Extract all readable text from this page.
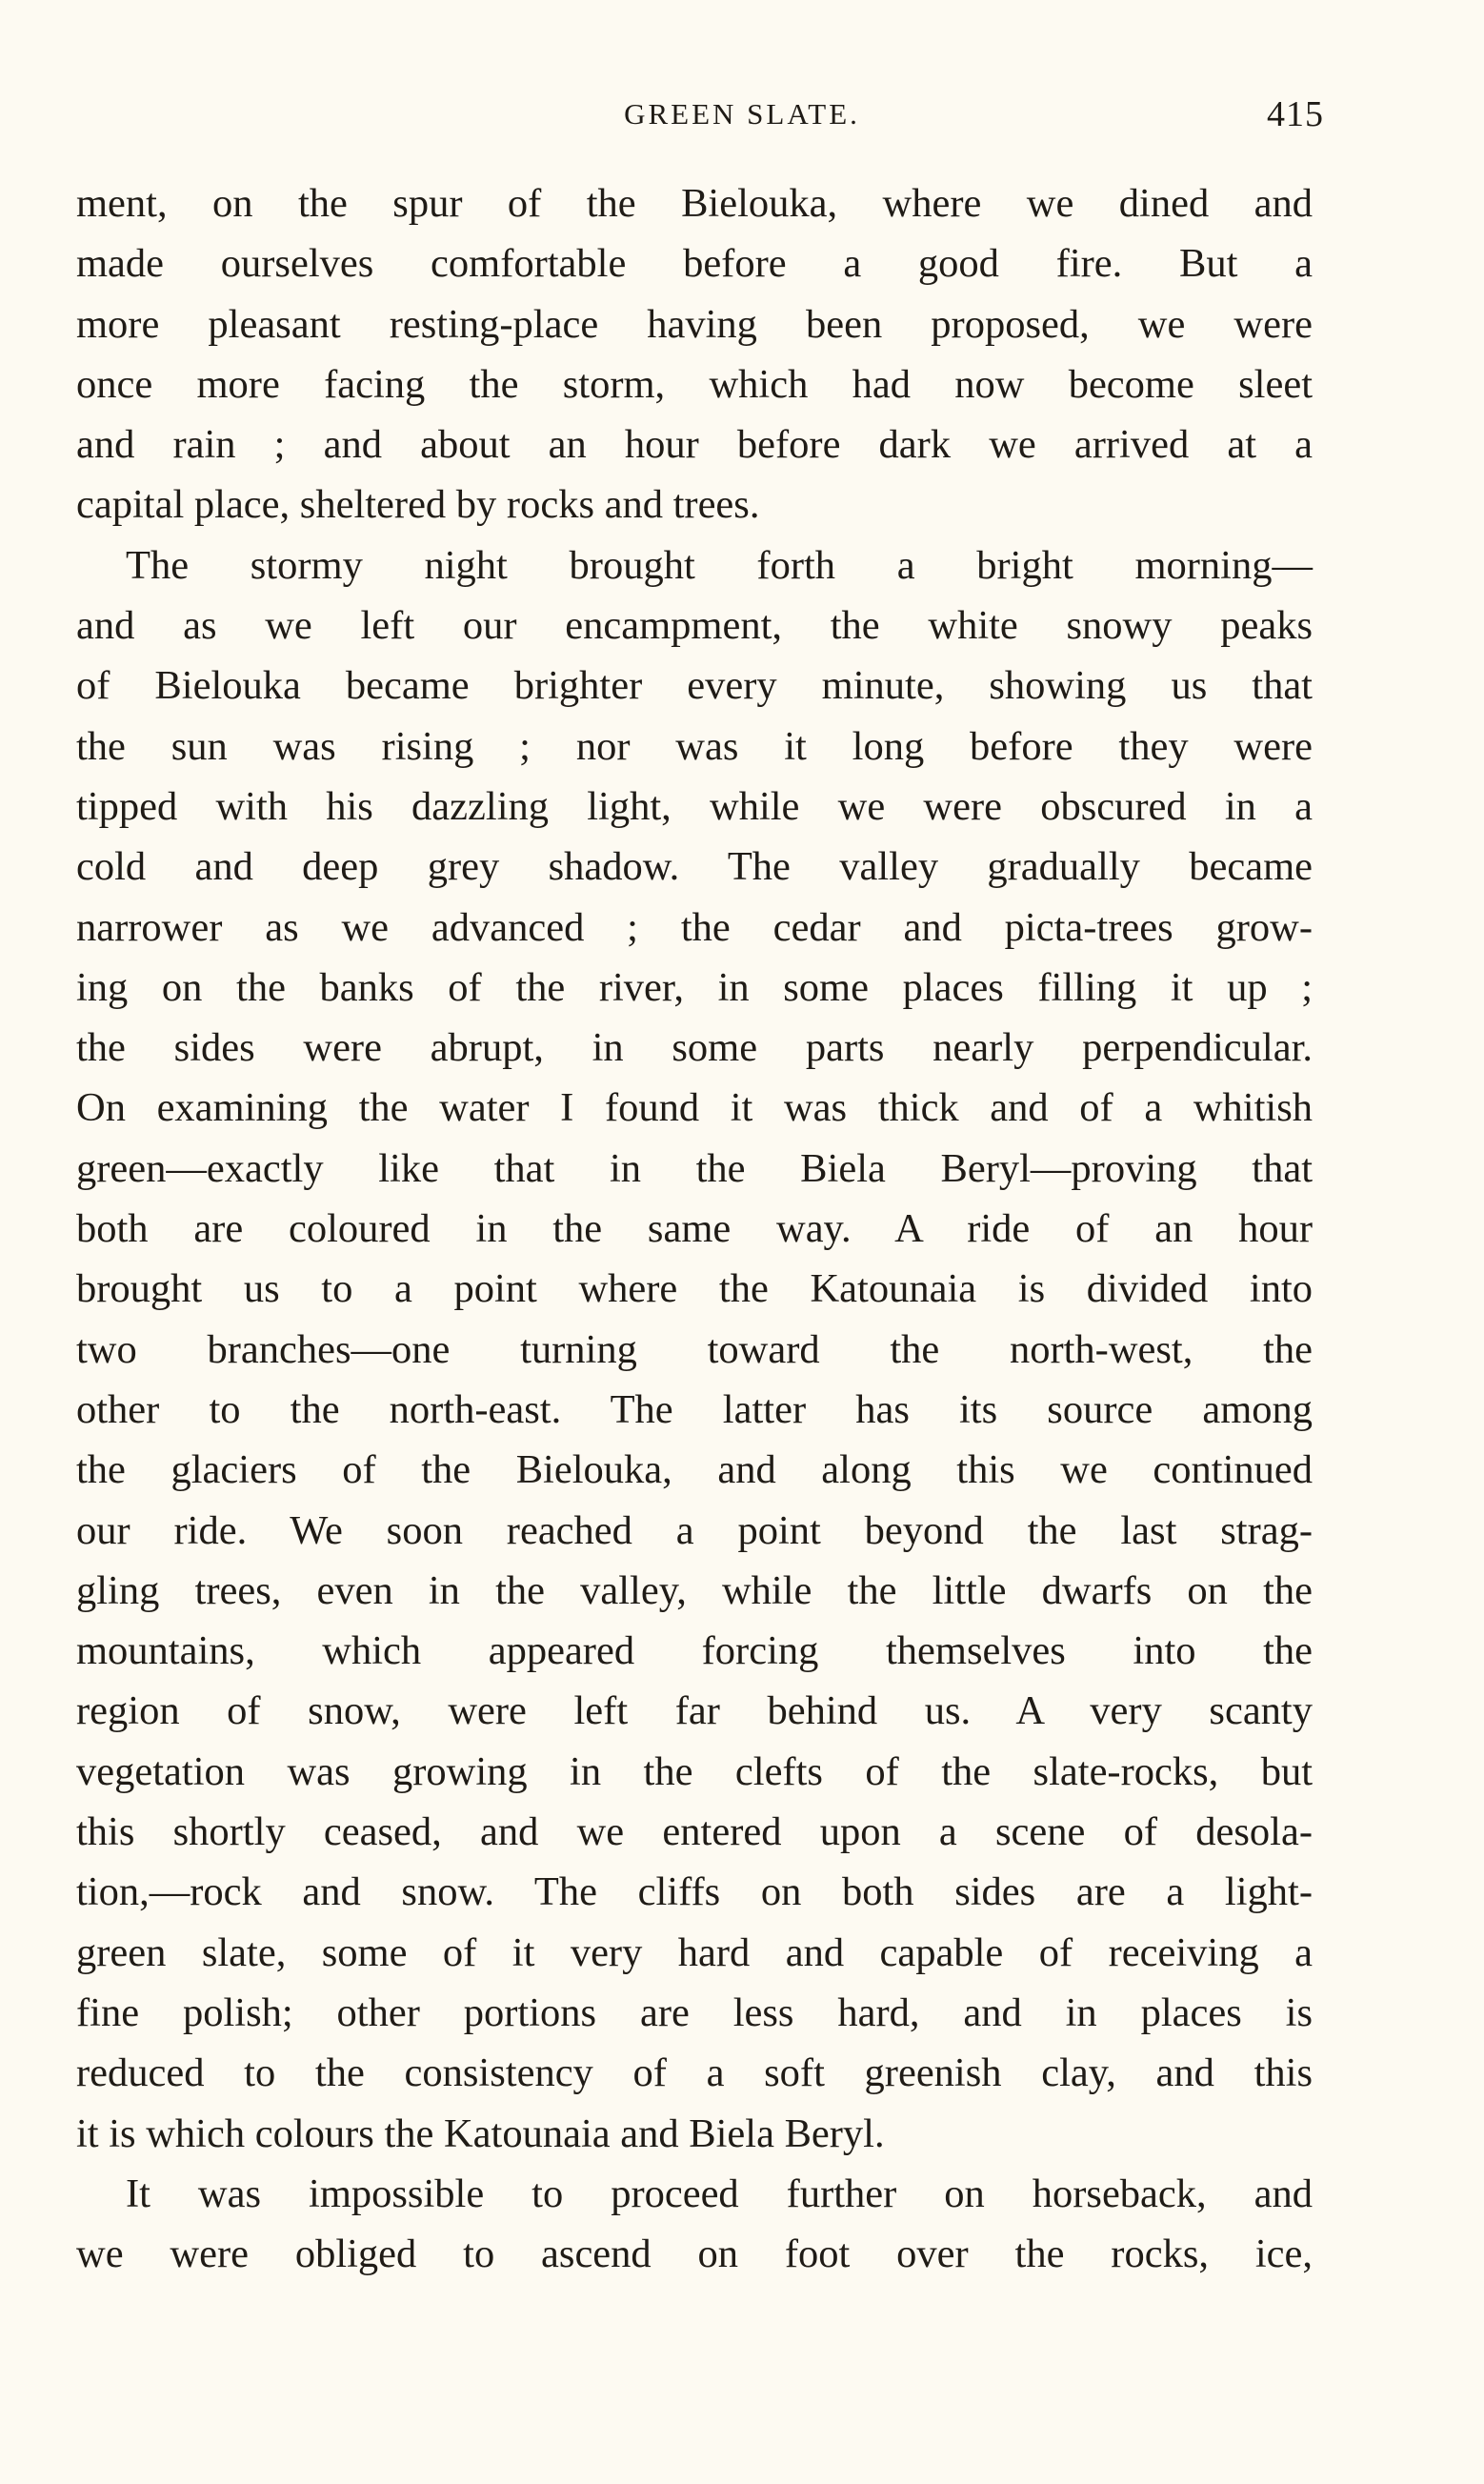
GREEN SLATE.	415
ment, on the spur of the Bielouka, where we dined and
made ourselves comfortable before a good fire. But a
more pleasant resting-place having been proposed, we were
once more facing the storm, which had now become sleet
and rain ; and about an hour before dark we arrived at a
capital place, sheltered by rocks and trees.
The stormy night brought forth a bright morning—
and as we left our encampment, the white snowy peaks
of Bielouka became brighter every minute, showing us that
the sun was rising ; nor was it long before they were
tipped with his dazzling light, while we were obscured in a
cold and deep grey shadow. The valley gradually became
narrower as we advanced ; the cedar and picta-trees grow-
ing on the banks of the river, in some places filling it up ;
the sides were abrupt, in some parts nearly perpendicular.
On examining the water I found it was thick and of a whitish
green—exactly like that in the Biela Beryl—proving that
both are coloured in the same way. A ride of an hour
brought us to a point where the Katounaia is divided into
two branches—one turning toward the north-west, the
other to the north-east. The latter has its source among
the glaciers of the Bielouka, and along this we continued
our ride. We soon reached a point beyond the last strag-
gling trees, even in the valley, while the little dwarfs on the
mountains, which appeared forcing themselves into the
region of snow, were left far behind us. A very scanty
vegetation was growing in the clefts of the slate-rocks, but
this shortly ceased, and we entered upon a scene of desola-
tion,—rock and snow. The cliffs on both sides are a light-
green slate, some of it very hard and capable of receiving a
fine polish; other portions are less hard, and in places is
reduced to the consistency of a soft greenish clay, and this
it is which colours the Katounaia and Biela Beryl.
It was impossible to proceed further on horseback, and
we were obliged to ascend on foot over the rocks, ice,
